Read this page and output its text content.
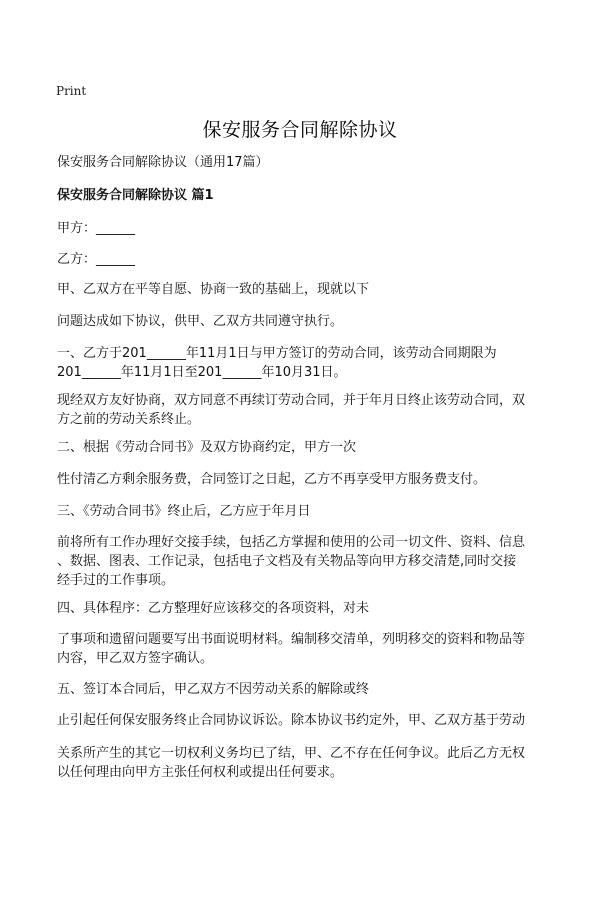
Print
保安服务合同解除协议
保安服务合同解除协议（通用17篇）
保安服务合同解除协议 篇1
甲方：______
乙方：______
甲、乙双方在平等自愿、协商一致的基础上，现就以下
问题达成如下协议，供甲、乙双方共同遵守执行。
一、乙方于201______年11月1日与甲方签订的劳动合同，该劳动合同期限为
201______年11月1日至201______年10月31日。
现经双方友好协商，双方同意不再续订劳动合同，并于年月日终止该劳动合同，双
方之前的劳动关系终止。
二、根据《劳动合同书》及双方协商约定，甲方一次
性付清乙方剩余服务费，合同签订之日起，乙方不再享受甲方服务费支付。
三、《劳动合同书》终止后，乙方应于年月日
前将所有工作办理好交接手续，包括乙方掌握和使用的公司一切文件、资料、信息
、数据、图表、工作记录，包括电子文档及有关物品等向甲方移交清楚,同时交接
经手过的工作事项。
四、具体程序：乙方整理好应该移交的各项资料，对未
了事项和遗留问题要写出书面说明材料。编制移交清单，列明移交的资料和物品等
内容，甲乙双方签字确认。
五、签订本合同后，甲乙双方不因劳动关系的解除或终
止引起任何保安服务终止合同协议诉讼。除本协议书约定外，甲、乙双方基于劳动
关系所产生的其它一切权利义务均已了结，甲、乙不存在任何争议。此后乙方无权
以任何理由向甲方主张任何权利或提出任何要求。
